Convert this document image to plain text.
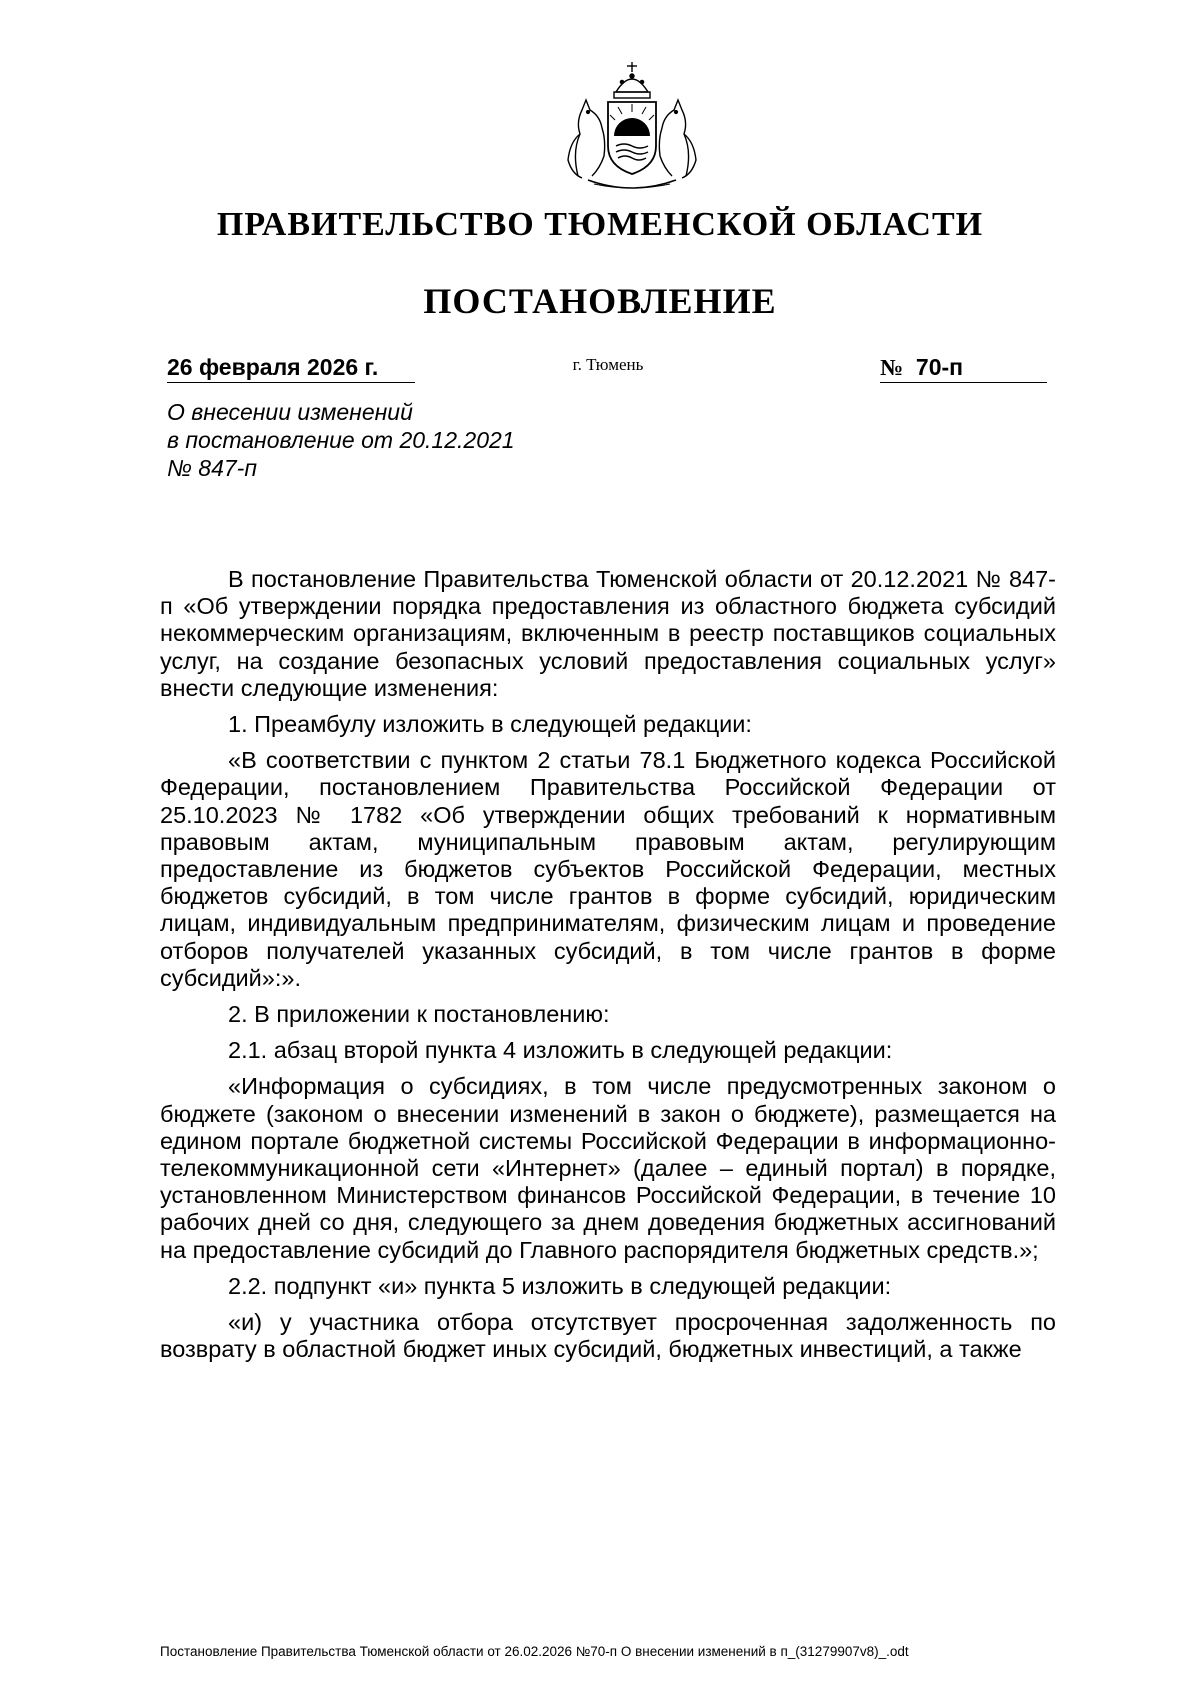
ПРАВИТЕЛЬСТВО ТЮМЕНСКОЙ ОБЛАСТИ
ПОСТАНОВЛЕНИЕ
26 февраля 2026 г.	№ 70-п
г. Тюмень
О внесении изменений
в постановление от 20.12.2021
№ 847-п

В постановление Правительства Тюменской области от 20.12.2021 № 847-п «Об утверждении порядка предоставления из областного бюджета субсидий некоммерческим организациям, включенным в реестр поставщиков социальных услуг, на создание безопасных условий предоставления социальных услуг» внести следующие изменения:

1. Преамбулу изложить в следующей редакции:

«В соответствии с пунктом 2 статьи 78.1 Бюджетного кодекса Российской Федерации, постановлением Правительства Российской Федерации от 25.10.2023 № 1782 «Об утверждении общих требований к нормативным правовым актам, муниципальным правовым актам, регулирующим предоставление из бюджетов субъектов Российской Федерации, местных бюджетов субсидий, в том числе грантов в форме субсидий, юридическим лицам, индивидуальным предпринимателям, физическим лицам и проведение отборов получателей указанных субсидий, в том числе грантов в форме субсидий»:».

2. В приложении к постановлению:

2.1. абзац второй пункта 4 изложить в следующей редакции:

«Информация о субсидиях, в том числе предусмотренных законом о бюджете (законом о внесении изменений в закон о бюджете), размещается на едином портале бюджетной системы Российской Федерации в информационно-телекоммуникационной сети «Интернет» (далее – единый портал) в порядке, установленном Министерством финансов Российской Федерации, в течение 10 рабочих дней со дня, следующего за днем доведения бюджетных ассигнований на предоставление субсидий до Главного распорядителя бюджетных средств.»;

2.2. подпункт «и» пункта 5 изложить в следующей редакции:

«и) у участника отбора отсутствует просроченная задолженность по возврату в областной бюджет иных субсидий, бюджетных инвестиций, а также

Постановление Правительства Тюменской области от 26.02.2026 №70-п О внесении изменений в п_(31279907v8)_.odt
